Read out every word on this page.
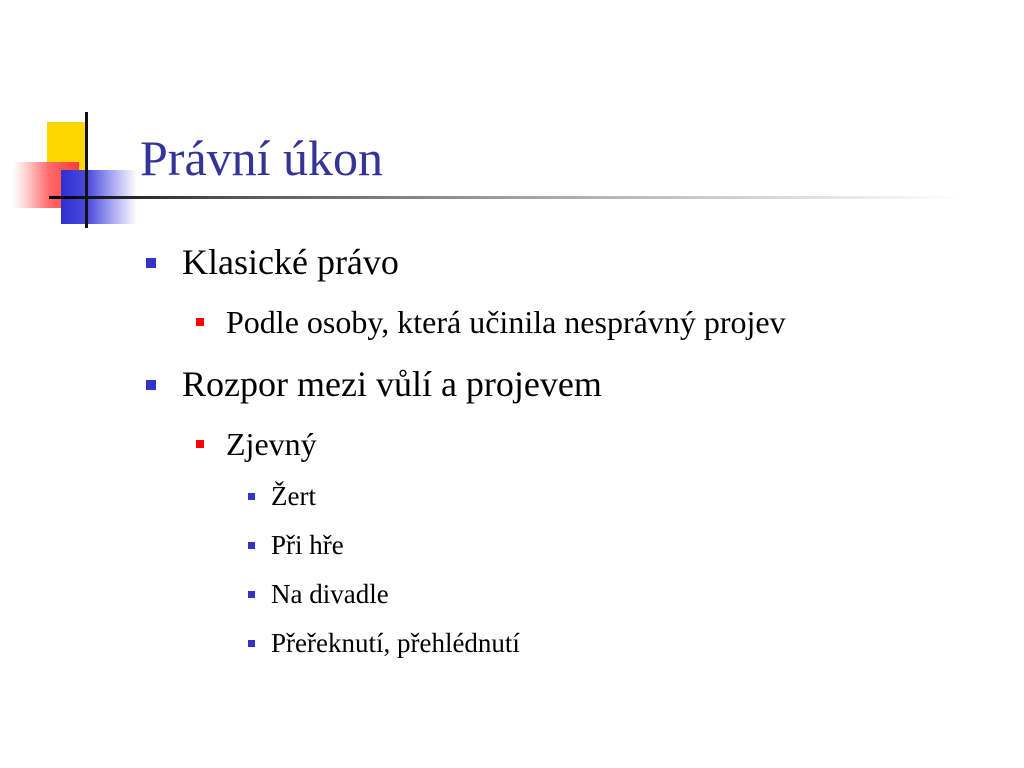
Právní úkon
Klasické právo
Podle osoby, která učinila nesprávný projev
Rozpor mezi vůlí a projevem
Zjevný
Žert
Při hře
Na divadle
Přeřeknutí, přehlédnutí
